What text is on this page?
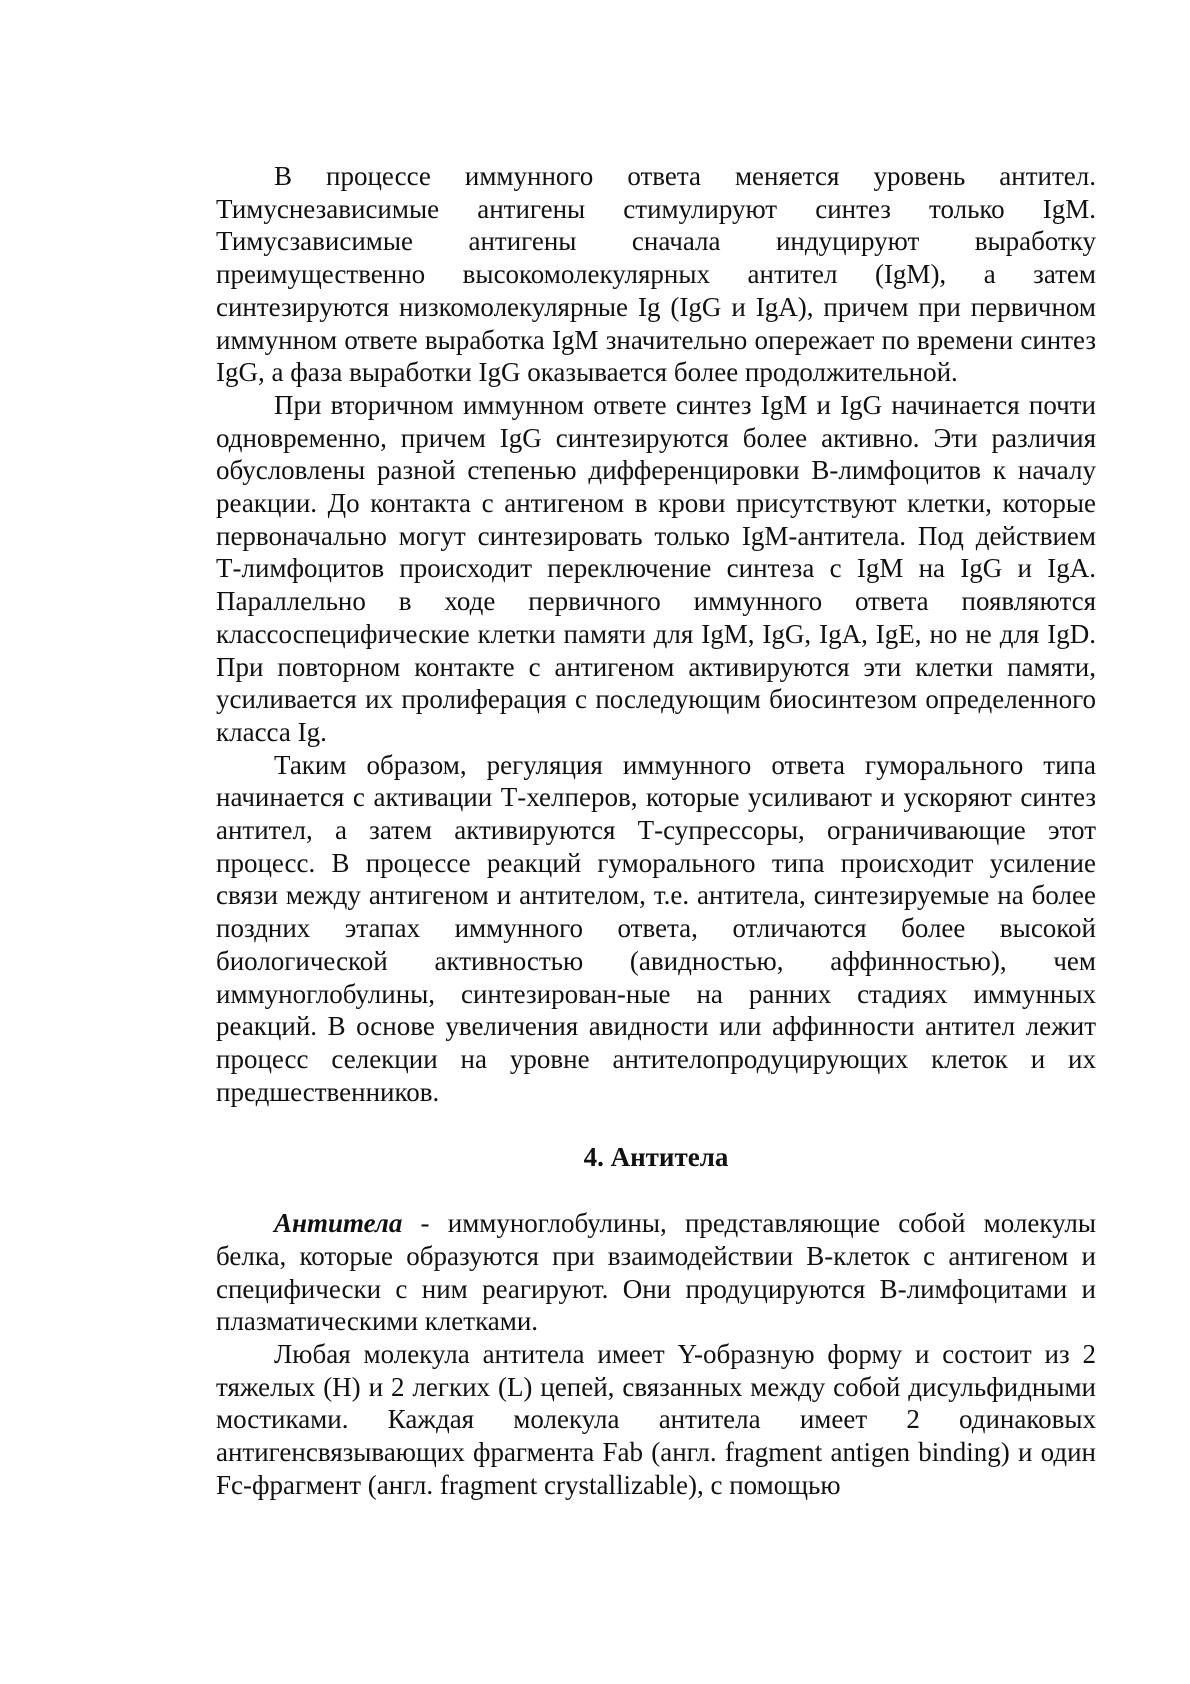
В процессе иммунного ответа меняется уровень антител. Тимуснезависимые антигены стимулируют синтез только IgM. Тимусзависимые антигены сначала индуцируют выработку преимущественно высокомолекулярных антител (IgM), а затем синтезируются низкомолекулярные Ig (IgG и IgA), причем при первичном иммунном ответе выработка IgM значительно опережает по времени синтез IgG, а фаза выработки IgG оказывается более продолжительной.

При вторичном иммунном ответе синтез IgM и IgG начинается почти одновременно, причем IgG синтезируются более активно. Эти различия обусловлены разной степенью дифференцировки В-лимфоцитов к началу реакции. До контакта с антигеном в крови присутствуют клетки, которые первоначально могут синтезировать только IgM-антитела. Под действием Т-лимфоцитов происходит переключение синтеза с IgM на IgG и IgA. Параллельно в ходе первичного иммунного ответа появляются классоспецифические клетки памяти для IgM, IgG, IgA, IgE, но не для IgD. При повторном контакте с антигеном активируются эти клетки памяти, усиливается их пролиферация с последующим биосинтезом определенного класса Ig.

Таким образом, регуляция иммунного ответа гуморального типа начинается с активации Т-хелперов, которые усиливают и ускоряют синтез антител, а затем активируются Т-супрессоры, ограничивающие этот процесс. В процессе реакций гуморального типа происходит усиление связи между антигеном и антителом, т.е. антитела, синтезируемые на более поздних этапах иммунного ответа, отличаются более высокой биологической активностью (авидностью, аффинностью), чем иммуноглобулины, синтезирован-ные на ранних стадиях иммунных реакций. В основе увеличения авидности или аффинности антител лежит процесс селекции на уровне антителопродуцирующих клеток и их предшественников.

4. Антитела

Антитела - иммуноглобулины, представляющие собой молекулы белка, которые образуются при взаимодействии В-клеток с антигеном и специфически с ним реагируют. Они продуцируются В-лимфоцитами и плазматическими клетками.

Любая молекула антитела имеет Y-образную форму и состоит из 2 тяжелых (H) и 2 легких (L) цепей, связанных между собой дисульфидными мостиками. Каждая молекула антитела имеет 2 одинаковых антигенсвязывающих фрагмента Fab (англ. fragment antigen binding) и один Fc-фрагмент (англ. fragment crystallizable), с помощью
